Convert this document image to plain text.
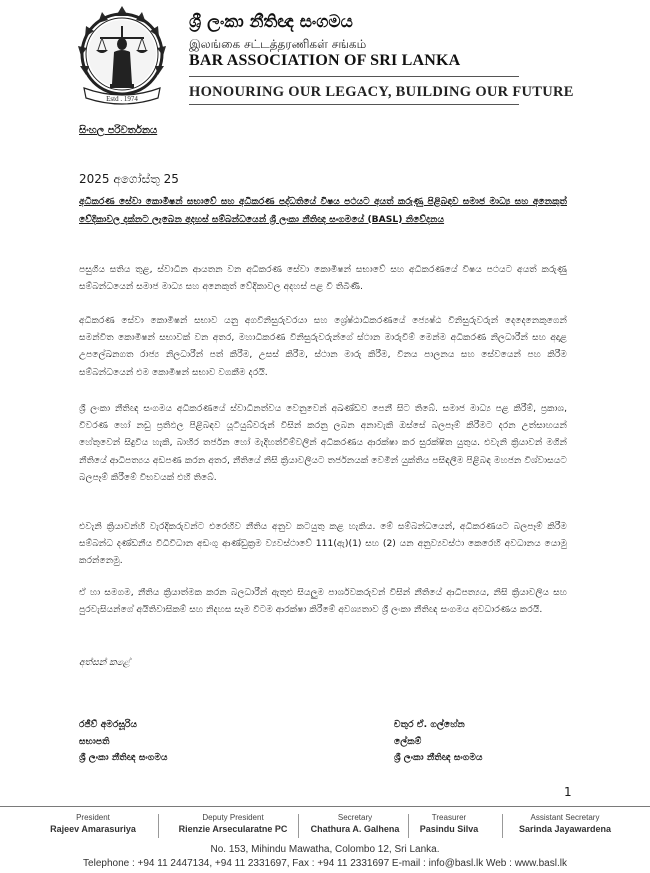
Estd . 1974
ශ්‍රී ලංකා නීතිඥ සංගමය
இலங்கை சட்டத்தரணிகள் சங்கம்
BAR ASSOCIATION OF SRI LANKA
HONOURING OUR LEGACY, BUILDING OUR FUTURE
සිංහල පරිවර්තනය
2025 අගෝස්තු 25
අධිකරණ සේවා කොමිෂන් සභාවේ සහ අධිකරණ පද්ධතියේ විෂය පථයට අයත් කරුණු පිළිබඳව සමාජ මාධ්‍ය සහ අනෙකුත් වේදිකාවල දක්නට ලැබෙන අදහස් සම්බන්ධයෙන් ශ්‍රී ලංකා නීතිඥ සංගමයේ (BASL) නිවේදනය
පසුගිය සතිය තුළ, ස්වාධීන ආයතන වන අධිකරණ සේවා කොමිෂන් සභාවේ සහ අධිකරණයේ විෂය පථයට අයත් කරුණු සම්බන්ධයෙන් සමාජ මාධ්‍ය සහ අනෙකුත් වේදිකාවල අදහස් පළ වී තිබිණි.
අධිකරණ සේවා කොමිෂන් සභාව යනු අගවිනිසුරුවරයා සහ ශ්‍රේෂ්ඨාධිකරණයේ ජ්‍යෙෂ්ඨ විනිසුරුවරුන් දෙදෙනෙකුගෙන් සමන්විත කොමිෂන් සභාවක් වන අතර, මහාධිකරණ විනිසුරුවරුන්ගේ ස්ථාන මාරුවීම් මෙන්ම අධිකරණ නිලධාරීන් සහ අදාළ උපලේඛනගත රාජ්‍ය නිලධාරීන් පත් කිරීම, උසස් කිරීම, ස්ථාන මාරු කිරීම, විනය පාලනය සහ සේවයෙන් පහ කිරීම සම්බන්ධයෙන් එම කොමිෂන් සභාව වගකීම දරයි.
ශ්‍රී ලංකා නීතිඥ සංගමය අධිකරණයේ ස්වාධීනත්වය වෙනුවෙන් අඛණ්ඩව පෙනී සිට තිබේ. සමාජ මාධ්‍ය පළ කිරීම්, ප්‍රකාශ, විවරණ හෝ නඩු ප්‍රතිඵල පිළිබඳව යූටියුබ්වරුන් විසින් කරනු ලබන අනාවැකි ඔස්සේ බලපෑම් කිරීමට දරන උත්සාහයන් හේතුවෙන් සිදුවිය හැකි, බාහිර තර්ජන හෝ මැදිහත්වීම්වලින් අධිකරණය ආරක්ෂා කර සුරක්ෂිත යුතුය. එවැනි ක්‍රියාවන් මගින් නීතියේ ආධිපත්‍යය අඩපණ කරන අතර, නීතියේ නිසි ක්‍රියාවලියට තර්ජනයක් වෙමින් යුක්තිය පසිඳලීම පිළිබඳ මහජන විශ්වාසයට බලපෑම් කිරීමේ විභවයක් එහි තිබේ.
එවැනි ක්‍රියාවන්හි වැරදිකරුවන්ට එරෙහිව නීතිය අනුව කටයුතු කළ හැකිය. මේ සම්බන්ධයෙන්, අධිකරණයට බලපෑම් කිරීම සම්බන්ධ දණ්ඩනීය විධිවිධාන අඩංගු ආණ්ඩුක්‍රම ව්‍යවස්ථාවේ 111(ඇ)(1) සහ (2) යන අනුව්‍යවස්ථා කෙරෙහි අවධානය යොමු කරන්නෙමු.
ඒ හා සමගම, නීතිය ක්‍රියාත්මක කරන බලධාරීන් ඇතුළු සියලුම පාර්ශවකරුවන් විසින් නීතියේ ආධිපත්‍යය, නිසි ක්‍රියාවලිය සහ පුරවැසියන්ගේ අයිතිවාසිකම් සහ නිදහස සෑම විටම ආරක්ෂා කිරීමේ අවශ්‍යතාව ශ්‍රී ලංකා නීතිඥ සංගමය අවධාරණය කරයි.
අත්සන් කළේ
රජීව් අමරසූරිය
සභාපති
ශ්‍රී ලංකා නීතිඥ සංගමය
චතුර ඒ. ගල්හේන
ලේකම්
ශ්‍රී ලංකා නීතිඥ සංගමය
1
President
Rajeev Amarasuriya
Deputy President
Rienzie Arsecularatne PC
Secretary
Chathura A. Galhena
Treasurer
Pasindu Silva
Assistant Secretary
Sarinda Jayawardena
No. 153, Mihindu Mawatha, Colombo 12, Sri Lanka.
Telephone : +94 11 2447134, +94 11 2331697, Fax : +94 11 2331697 E-mail : info@basl.lk Web : www.basl.lk
